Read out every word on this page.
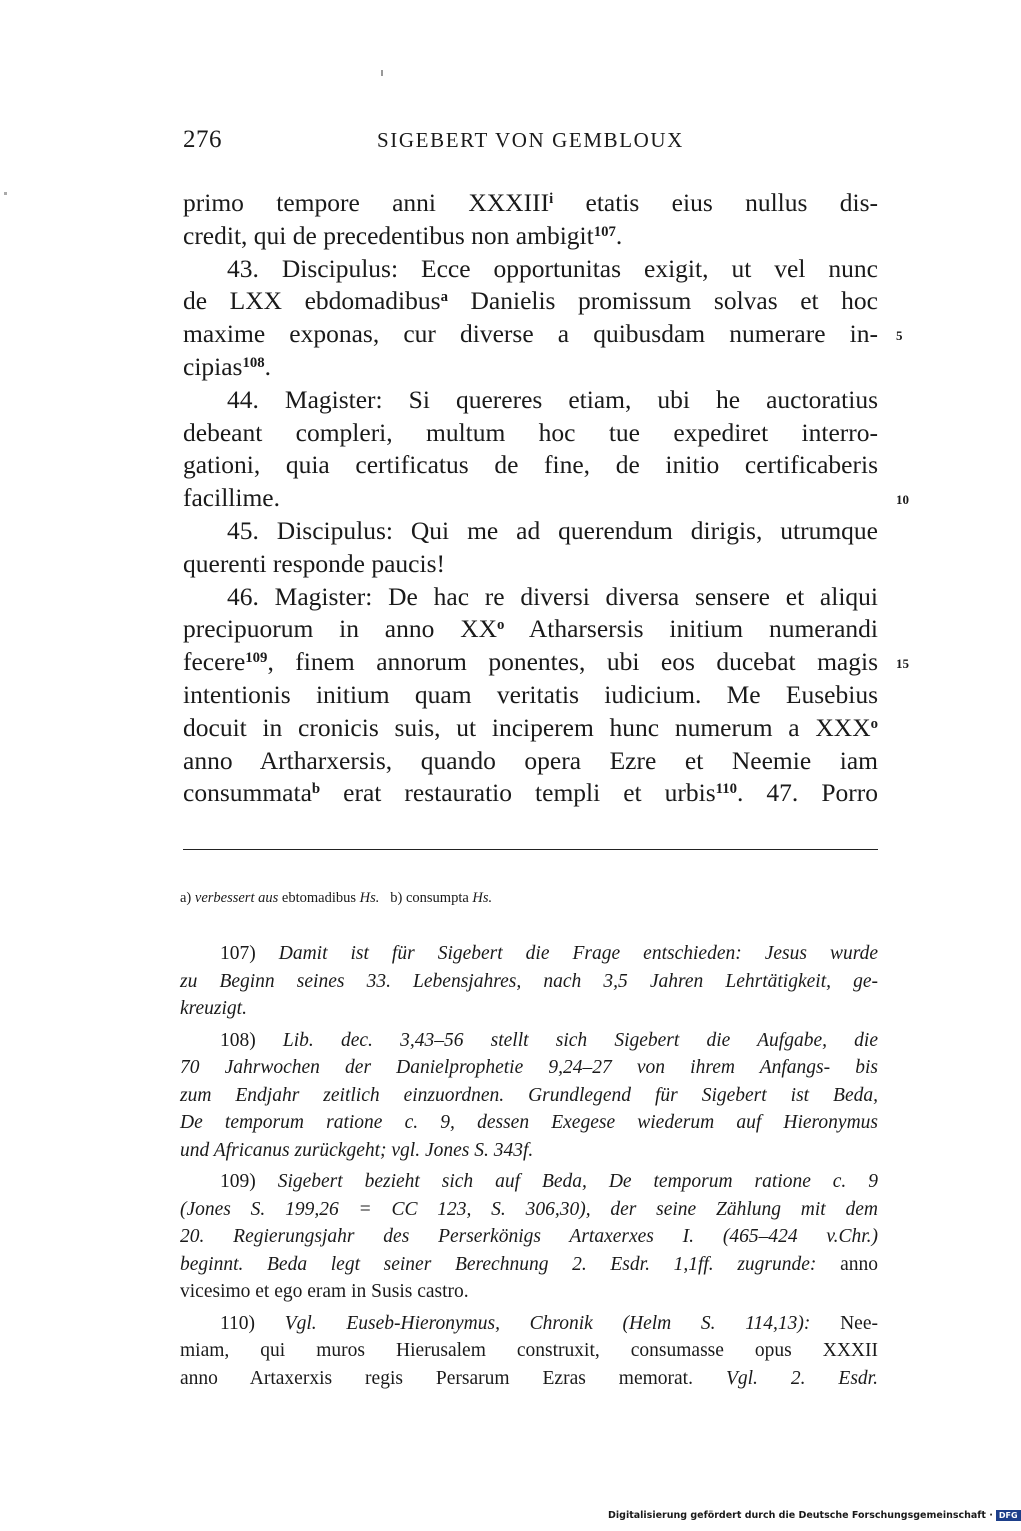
276	SIGEBERT VON GEMBLOUX
primo tempore anni XXXIII$^i$ etatis eius nullus dis-
credit, qui de precedentibus non ambigit$^{107}$.
43. Discipulus: Ecce opportunitas exigit, ut vel nunc
de LXX ebdomadibus$^a$ Danielis promissum solvas et hoc
maxime exponas, cur diverse a quibusdam numerare in-
cipias$^{108}$.
44. Magister: Si quereres etiam, ubi he auctoratius
debeant compleri, multum hoc tue expediret interro-
gationi, quia certificatus de fine, de initio certificaberis
facillime.
45. Discipulus: Qui me ad querendum dirigis, utrumque
querenti responde paucis!
46. Magister: De hac re diversi diversa sensere et aliqui
precipuorum in anno $XX^o$ Atharsersis initium numerandi
fecere$^{109}$, finem annorum ponentes, ubi eos ducebat magis
intentionis initium quam veritatis iudicium. Me Eusebius
docuit in cronicis suis, ut inciperem hunc numerum a XXX$^o$
anno Artharxersis, quando opera Ezre et Neemie iam
consummata$^b$ erat restauratio templi et urbis$^{110}$. 47. Porro
5
10
15
a) verbessert aus ebtomadibus Hs. b) consumpta Hs.
107) Damit ist für Sigebert die Frage entschieden: Jesus wurde
zu Beginn seines 33. Lebensjahres, nach 3,5 Jahren Lehrtätigkeit, ge-
kreuzigt.
108) Lib. dec. 3,43–56 stellt sich Sigebert die Aufgabe, die
70 Jahrwochen der Danielprophetie 9,24–27 von ihrem Anfangs- bis
zum Endjahr zeitlich einzuordnen. Grundlegend für Sigebert ist Beda,
De temporum ratione c. 9, dessen Exegese wiederum auf Hieronymus
und Africanus zurückgeht; vgl. Jones S. 343f.
109) Sigebert bezieht sich auf Beda, De temporum ratione c. 9
(Jones S. 199,26 = CC 123, S. 306,30), der seine Zählung mit dem
20. Regierungsjahr des Perserkönigs Artaxerxes I. (465–424 v.Chr.)
beginnt. Beda legt seiner Berechnung 2. Esdr. 1,1ff. zugrunde: anno
vicesimo et ego eram in Susis castro.
110) Vgl. Euseb-Hieronymus, Chronik (Helm S. 114,13): Nee-
miam, qui muros Hierusalem construxit, consumasse opus XXXII
anno Artaxerxis regis Persarum Ezras memorat. Vgl. 2. Esdr.
Digitalisierung gefördert durch die Deutsche Forschungsgemeinschaft · DFG
